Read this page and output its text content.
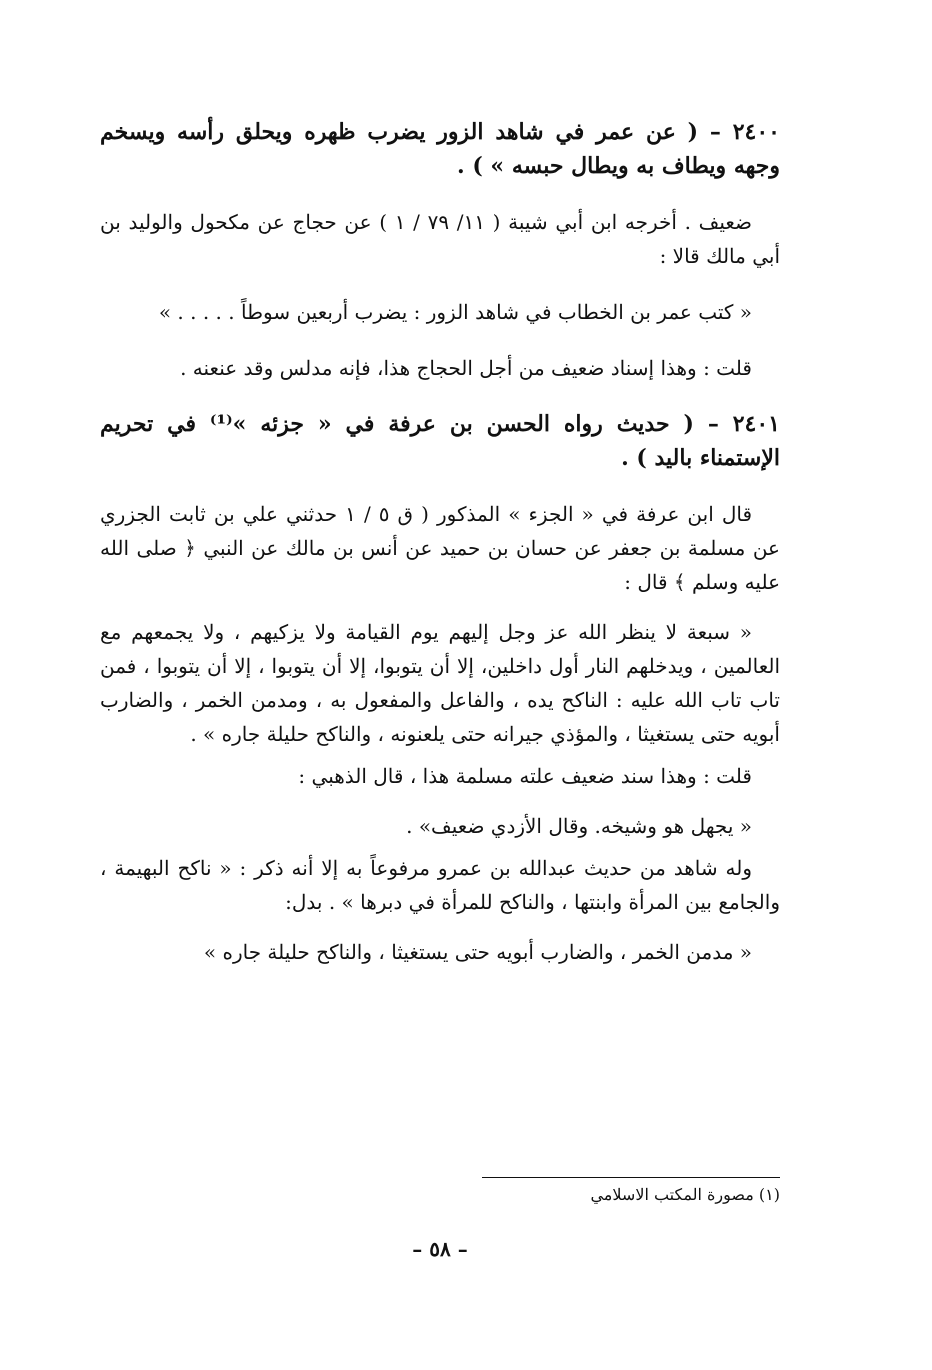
٢٤٠٠ – ( عن عمر في شاهد الزور يضرب ظهره ويحلق رأسه ويسخم وجهه ويطاف به ويطال حبسه » ) .

ضعيف . أخرجه ابن أبي شيبة ( ١١/ ٧٩ / ١ ) عن حجاج عن مكحول والوليد بن أبي مالك قالا :

« كتب عمر بن الخطاب في شاهد الزور : يضرب أربعين سوطاً . . . . . »

قلت : وهذا إسناد ضعيف من أجل الحجاج هذا، فإنه مدلس وقد عنعنه .

٢٤٠١ – ( حديث رواه الحسن بن عرفة في « جزئه »⁽¹⁾ في تحريم الإستمناء باليد ) .

قال ابن عرفة في « الجزء » المذكور ( ق ٥ / ١ حدثني علي بن ثابت الجزري عن مسلمة بن جعفر عن حسان بن حميد عن أنس بن مالك عن النبي ﴿ صلى الله عليه وسلم ﴾ قال :

« سبعة لا ينظر الله عز وجل إليهم يوم القيامة ولا يزكيهم ، ولا يجمعهم مع العالمين ، ويدخلهم النار أول داخلين، إلا أن يتوبوا، إلا أن يتوبوا ، إلا أن يتوبوا ، فمن تاب تاب الله عليه : الناكح يده ، والفاعل والمفعول به ، ومدمن الخمر ، والضارب أبويه حتى يستغيثا ، والمؤذي جيرانه حتى يلعنونه ، والناكح حليلة جاره » .

قلت : وهذا سند ضعيف علته مسلمة هذا ، قال الذهبي :

« يجهل هو وشيخه. وقال الأزدي ضعيف» .

وله شاهد من حديث عبدالله بن عمرو مرفوعاً به إلا أنه ذكر : « ناكح البهيمة ، والجامع بين المرأة وابنتها ، والناكح للمرأة في دبرها » . بدل:

« مدمن الخمر ، والضارب أبويه حتى يستغيثا ، والناكح حليلة جاره »

(١) مصورة المكتب الاسلامي

– ٥٨ –
